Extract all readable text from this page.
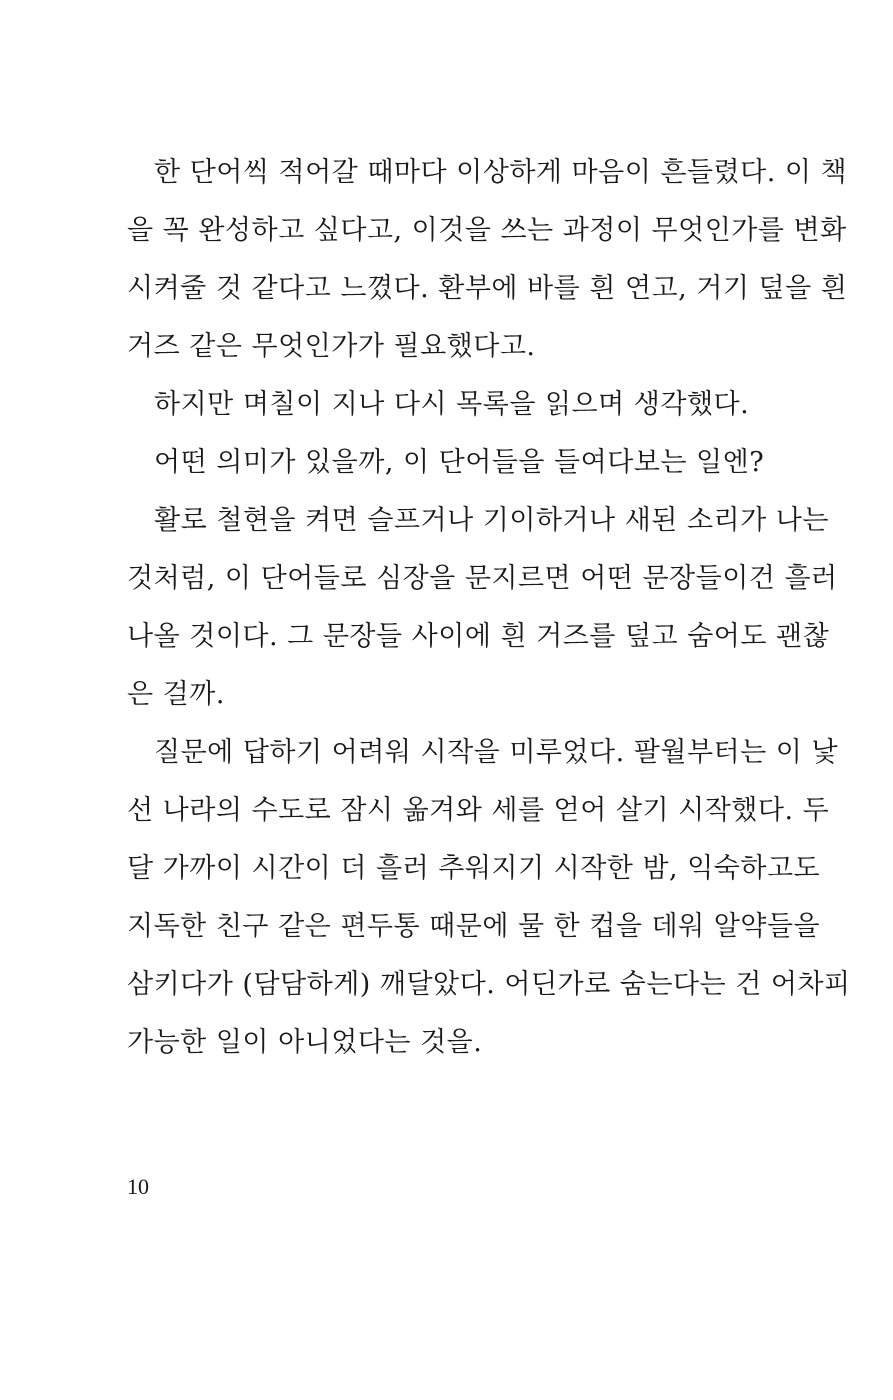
한 단어씩 적어갈 때마다 이상하게 마음이 흔들렸다. 이 책
을 꼭 완성하고 싶다고, 이것을 쓰는 과정이 무엇인가를 변화
시켜줄 것 같다고 느꼈다. 환부에 바를 흰 연고, 거기 덮을 흰
거즈 같은 무엇인가가 필요했다고.
하지만 며칠이 지나 다시 목록을 읽으며 생각했다.
어떤 의미가 있을까, 이 단어들을 들여다보는 일엔?
활로 철현을 켜면 슬프거나 기이하거나 새된 소리가 나는
것처럼, 이 단어들로 심장을 문지르면 어떤 문장들이건 흘러
나올 것이다. 그 문장들 사이에 흰 거즈를 덮고 숨어도 괜찮
은 걸까.
질문에 답하기 어려워 시작을 미루었다. 팔월부터는 이 낯
선 나라의 수도로 잠시 옮겨와 세를 얻어 살기 시작했다. 두
달 가까이 시간이 더 흘러 추워지기 시작한 밤, 익숙하고도
지독한 친구 같은 편두통 때문에 물 한 컵을 데워 알약들을
삼키다가 (담담하게) 깨달았다. 어딘가로 숨는다는 건 어차피
가능한 일이 아니었다는 것을.
10
